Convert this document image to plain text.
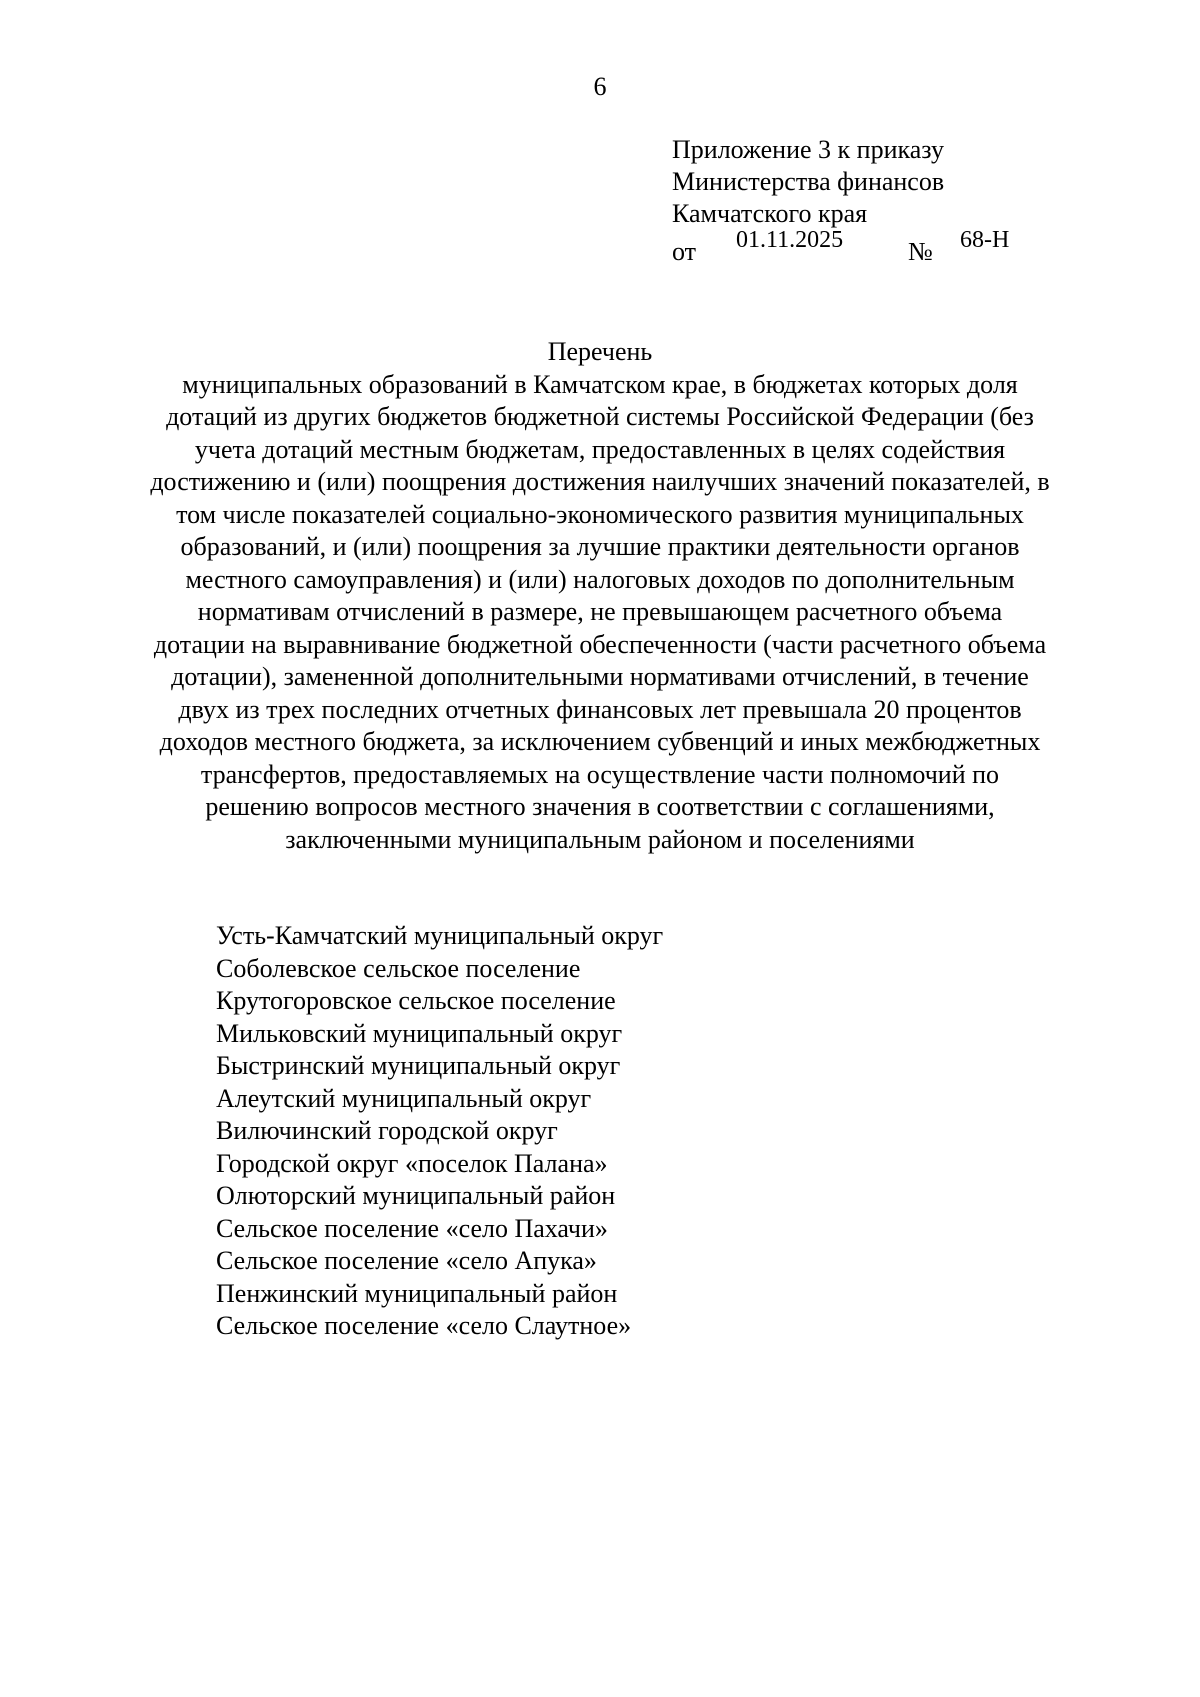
6
Приложение 3 к приказу
Министерства финансов
Камчатского края
от 01.11.2025 № 68-Н
Перечень
муниципальных образований в Камчатском крае, в бюджетах которых доля дотаций из других бюджетов бюджетной системы Российской Федерации (без учета дотаций местным бюджетам, предоставленных в целях содействия достижению и (или) поощрения достижения наилучших значений показателей, в том числе показателей социально-экономического развития муниципальных образований, и (или) поощрения за лучшие практики деятельности органов местного самоуправления) и (или) налоговых доходов по дополнительным нормативам отчислений в размере, не превышающем расчетного объема дотации на выравнивание бюджетной обеспеченности (части расчетного объема дотации), замененной дополнительными нормативами отчислений, в течение двух из трех последних отчетных финансовых лет превышала 20 процентов доходов местного бюджета, за исключением субвенций и иных межбюджетных трансфертов, предоставляемых на осуществление части полномочий по решению вопросов местного значения в соответствии с соглашениями, заключенными муниципальным районом и поселениями
Усть-Камчатский муниципальный округ
Соболевское сельское поселение
Крутогоровское сельское поселение
Мильковский муниципальный округ
Быстринский муниципальный округ
Алеутский муниципальный округ
Вилючинский городской округ
Городской округ «поселок Палана»
Олюторский муниципальный район
Сельское поселение «село Пахачи»
Сельское поселение «село Апука»
Пенжинский муниципальный район
Сельское поселение «село Слаутное»
